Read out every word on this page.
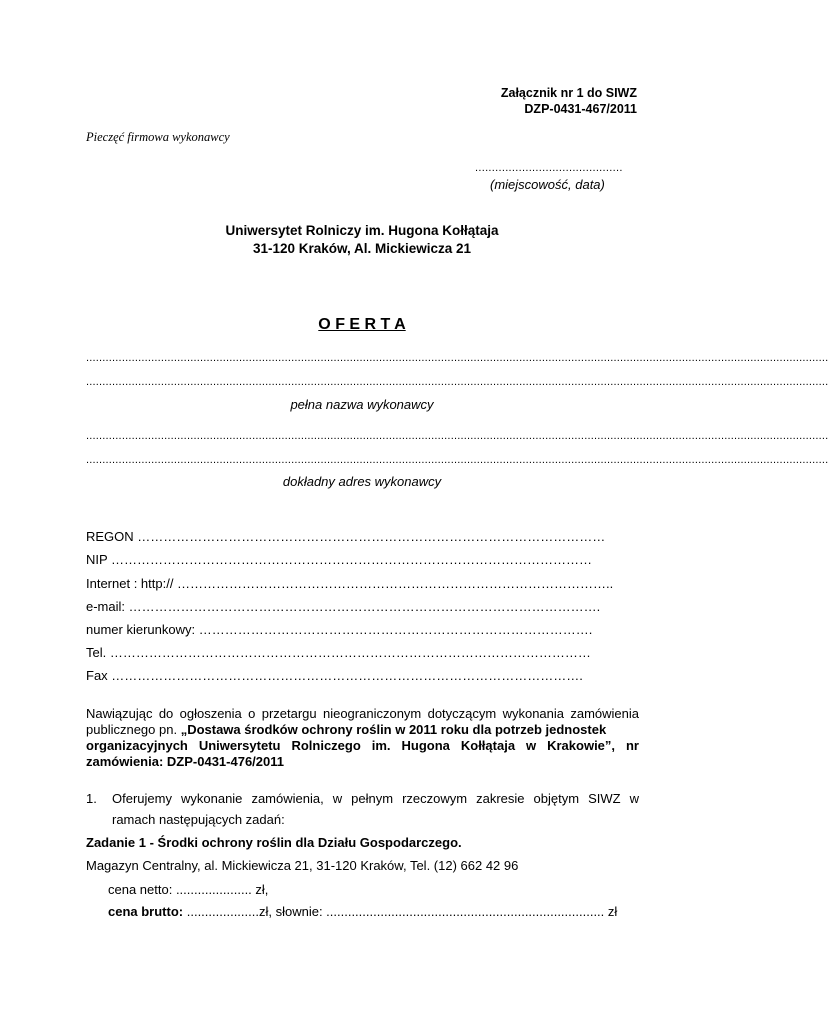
Załącznik nr 1 do SIWZ
DZP-0431-467/2011
Pieczęć firmowa wykonawcy
............................................
(miejscowość, data)
Uniwersytet Rolniczy im. Hugona Kołłątaja
31-120 Kraków, Al. Mickiewicza 21
O F E R T A
....................................................................................................................................................................................................................................
....................................................................................................................................................................................................................................
pełna nazwa wykonawcy
....................................................................................................................................................................................................................................
....................................................................................................................................................................................................................................
dokładny adres wykonawcy
REGON ………………………………………………………………………………………………
NIP …………………………………………………………………………………………………
Internet : http:// ………………………………………………………………………………………..
e-mail: ……………………………………………………………………………………………….
numer kierunkowy: ……………………………………………………………………………….
Tel. …………………………………………………………………………………………………
Fax ……………………………………………………………………………………………….
Nawiązując do ogłoszenia o przetargu nieograniczonym dotyczącym wykonania zamówienia
publicznego pn. „Dostawa środków ochrony roślin w 2011 roku dla potrzeb jednostek
organizacyjnych Uniwersytetu Rolniczego im. Hugona Kołłątaja w Krakowie”, nr
zamówienia: DZP-0431-476/2011
1. Oferujemy wykonanie zamówienia, w pełnym rzeczowym zakresie objętym SIWZ w
ramach następujących zadań:
Zadanie 1 - Środki ochrony roślin dla Działu Gospodarczego.
Magazyn Centralny, al. Mickiewicza 21, 31-120 Kraków, Tel. (12) 662 42 96
cena netto: ..................... zł,
cena brutto: ....................zł, słownie: ............................................................................. zł
